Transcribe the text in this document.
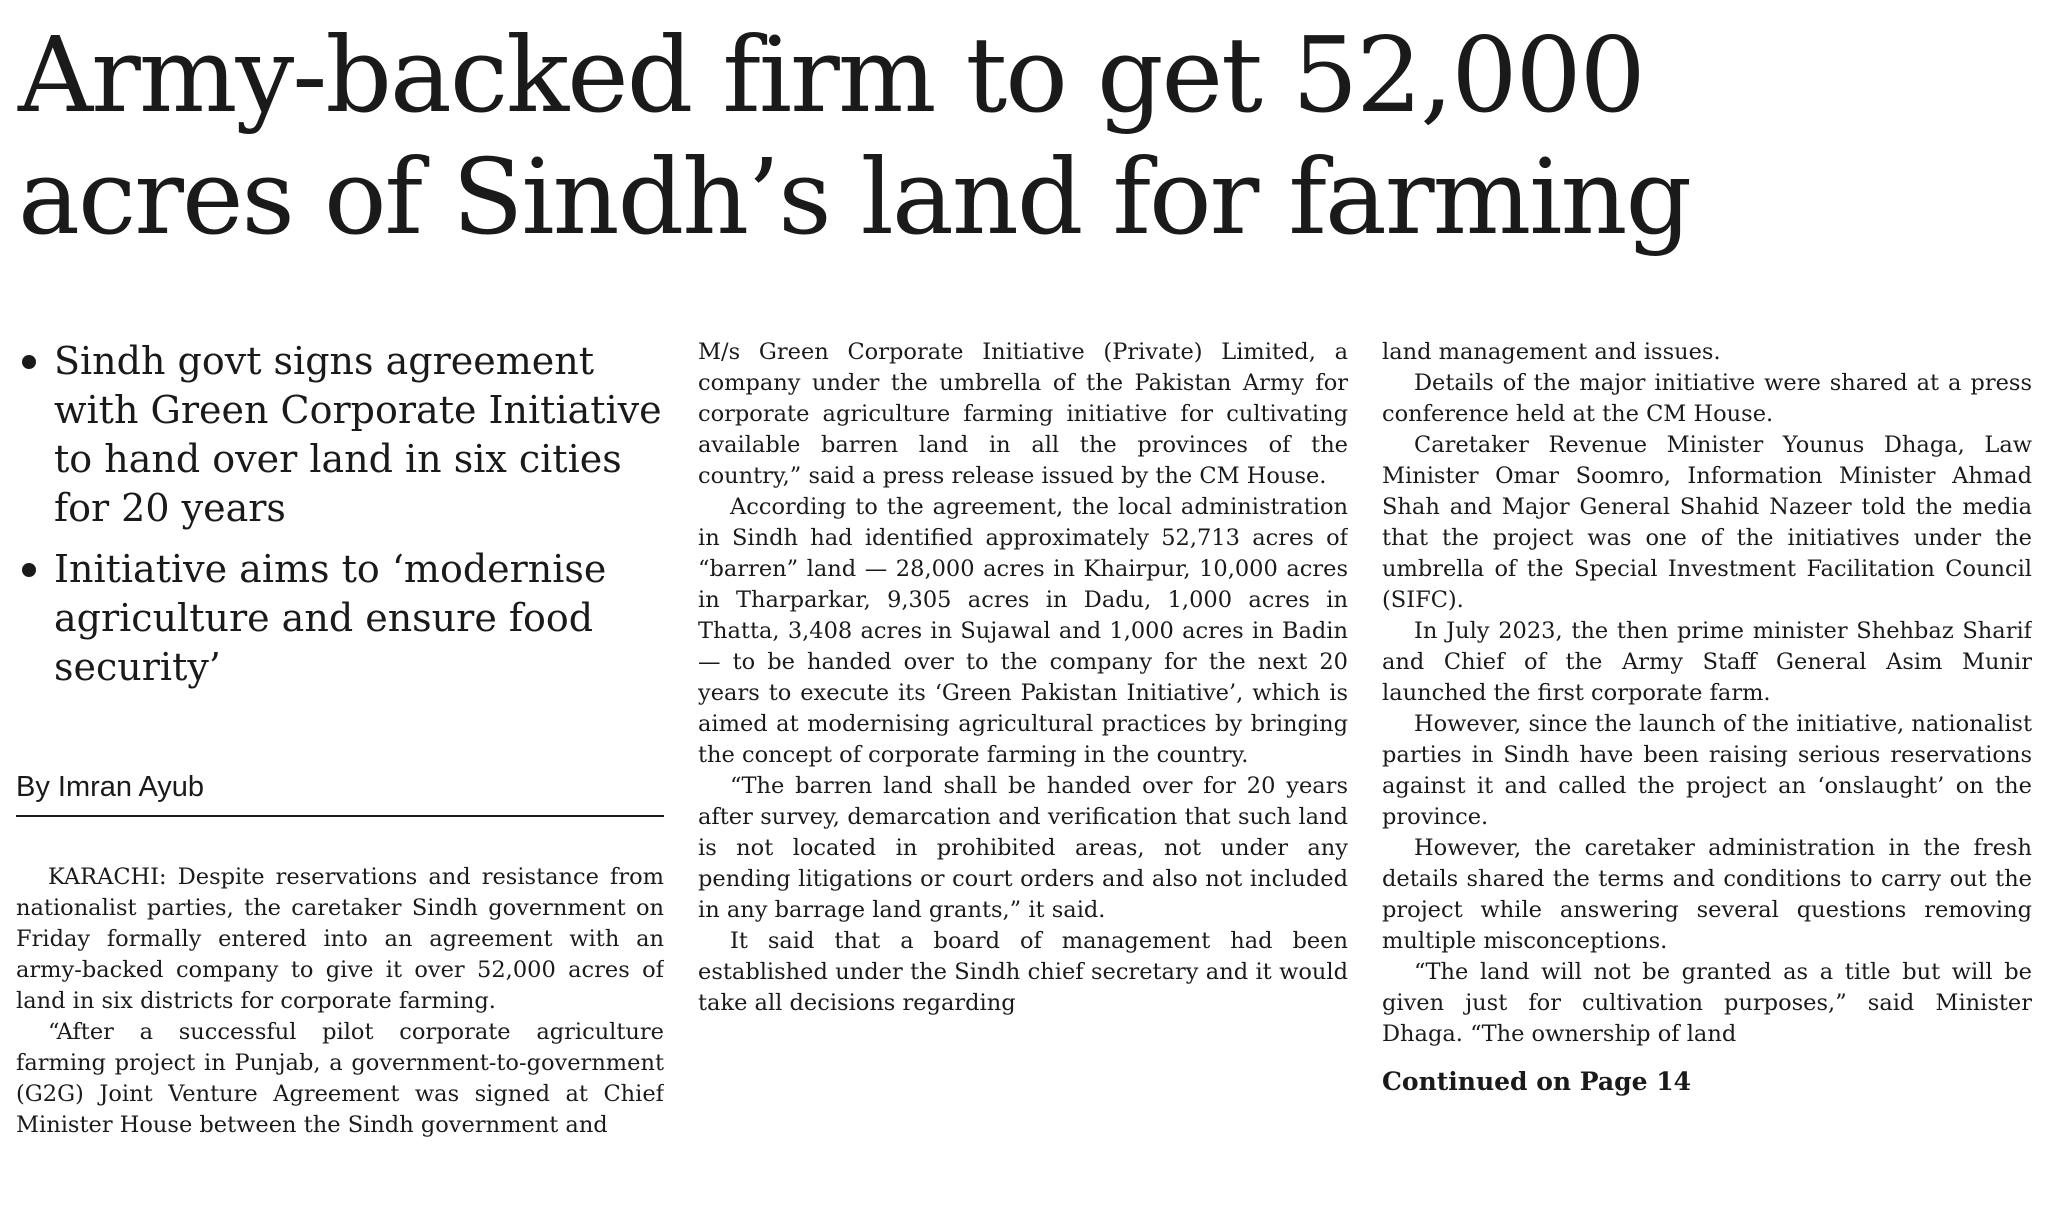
Army-backed firm to get 52,000
acres of Sindh’s land for farming
Sindh govt signs agreement with Green Corporate Initiative to hand over land in six cities for 20 years
Initiative aims to ‘modernise agriculture and ensure food security’
By Imran Ayub

KARACHI: Despite reservations and resistance from nationalist parties, the caretaker Sindh government on Friday formally entered into an agreement with an army-backed company to give it over 52,000 acres of land in six districts for corporate farming.

“After a successful pilot corporate agriculture farming project in Punjab, a government-to-government (G2G) Joint Venture Agreement was signed at Chief Minister House between the Sindh government and

M/s Green Corporate Initiative (Private) Limited, a company under the umbrella of the Pakistan Army for corporate agriculture farming initiative for cultivating available barren land in all the provinces of the country,” said a press release issued by the CM House.

According to the agreement, the local administration in Sindh had identified approximately 52,713 acres of “barren” land — 28,000 acres in Khairpur, 10,000 acres in Tharparkar, 9,305 acres in Dadu, 1,000 acres in Thatta, 3,408 acres in Sujawal and 1,000 acres in Badin — to be handed over to the company for the next 20 years to execute its ‘Green Pakistan Initiative’, which is aimed at modernising agricultural practices by bringing the concept of corporate farming in the country.

“The barren land shall be handed over for 20 years after survey, demarcation and verification that such land is not located in prohibited areas, not under any pending litigations or court orders and also not included in any barrage land grants,” it said.

It said that a board of management had been established under the Sindh chief secretary and it would take all decisions regarding

land management and issues.

Details of the major initiative were shared at a press conference held at the CM House.

Caretaker Revenue Minister Younus Dhaga, Law Minister Omar Soomro, Information Minister Ahmad Shah and Major General Shahid Nazeer told the media that the project was one of the initiatives under the umbrella of the Special Investment Facilitation Council (SIFC).

In July 2023, the then prime minister Shehbaz Sharif and Chief of the Army Staff General Asim Munir launched the first corporate farm.

However, since the launch of the initiative, nationalist parties in Sindh have been raising serious reservations against it and called the project an ‘onslaught’ on the province.

However, the caretaker administration in the fresh details shared the terms and conditions to carry out the project while answering several questions removing multiple misconceptions.

“The land will not be granted as a title but will be given just for cultivation purposes,” said Minister Dhaga. “The ownership of land

Continued on Page 14
